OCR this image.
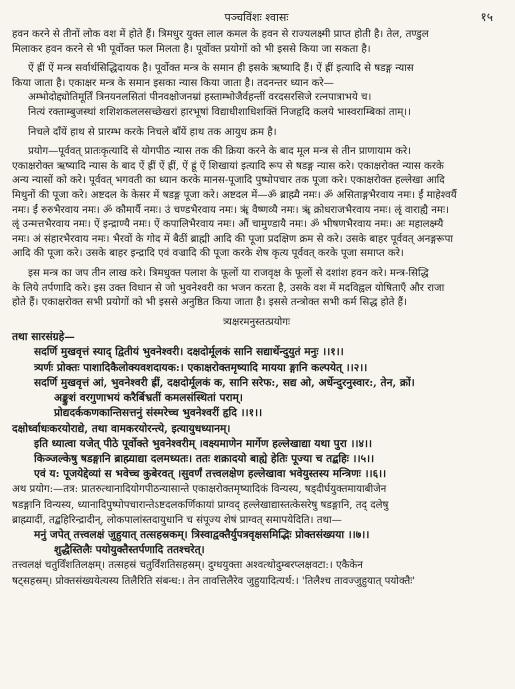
पञ्चविंशः श्वासः	१५

हवन करने से तीनों लोक वश में होते हैं। त्रिमधुर युक्त लाल कमल के हवन से राज्यलक्ष्मी प्राप्त होती है। तेल, तण्डुल

मिलाकर हवन करने से भी पूर्वोक्त फल मिलता है। पूर्वोक्त प्रयोगों को भी इससे किया जा सकता है।

ऐं ह्रीं ऐं मन्त्र सर्वार्थसिद्धिदायक है। पूर्वोक्त मन्त्र के समान ही इसके ऋष्यादि हैं। ऐं ह्रीं इत्यादि से षडङ्ग न्यास

किया जाता है। एकाक्षर मन्त्र के समान इसका न्यास किया जाता है। तदनन्तर ध्यान करे—

अम्भोदोद्द्योतिमूर्तिं त्रिनयनलसितां पीनवक्षोजनम्रां हस्ताम्भोजैर्वहन्तीं वरदसरसिजे रत्नपात्राभये च।

नित्यं रक्ताम्बुजस्थां शशिशकललसच्छेखरां हारभूषां विद्याधीशाधिशक्तिं निजहृदि कलये भास्वराम्बिकां ताम्।।

निचले दाँयें हाथ से प्रारम्भ करके निचले बाँयें हाथ तक आयुध क्रम है।

प्रयोग—पूर्ववत् प्रातःकृत्यादि से योगपीठ न्यास तक की क्रिया करने के बाद मूल मन्त्र से तीन प्राणायाम करे।

एकाक्षरोक्त ऋष्यादि न्यास के बाद ऐं ह्रीं ऐं ह्रीं, ऐं ह्रूं ऐं शिखायां इत्यादि रूप से षडङ्ग न्यास करे। एकाक्षरोक्त न्यास करके

अन्य न्यासों को करे। पूर्ववत् भगवती का ध्यान करके मानस-पूजादि पुष्पोपचार तक पूजा करे। एकाक्षरोक्त हल्लेखा आदि

मिथुनों की पूजा करे। अष्टदल के केसर में षडङ्ग पूजा करे। अष्टदल में—ॐ ब्राह्म्यै नमः। ॐ असिताङ्गभैरवाय नमः। ईं माहेश्वर्यै

नमः। ईं रुरुभैरवाय नमः। ॐ कौमार्यै नमः। उं चण्डभैरवाय नमः। ॠं वैष्णव्यै नमः। ॠं क्रोधराजभैरवाय नमः। ॡं वाराह्यै नमः।

ॡं उन्मत्तभैरवाय नमः। ऐं इन्द्राण्यै नमः। ऐं कपालिभैरवाय नमः। औं चामुण्डायै नमः। ॐ भीषणभैरवाय नमः। अः महालक्ष्म्यै

नमः। अं संहारभैरवाय नमः। भैरवों के गोद में बैठीं ब्राह्मी आदि की पूजा प्रदक्षिण क्रम से करे। उसके बाहर पूर्ववत् अनङ्गरूपा

आदि की पूजा करे। उसके बाहर इन्द्रादि एवं वज्रादि की पूजा करके शेष कृत्य पूर्ववत् करके पूजा समाप्त करे।

इस मन्त्र का जप तीन लाख करे। त्रिमधुक्त पलाश के फूलों या राजवृक्ष के फूलों से दशांश हवन करे। मन्त्र-सिद्धि

के लिये तर्पणादि करे। इस उक्त विधान से जो भुवनेश्वरी का भजन करता है, उसके वश में मदविह्वल योषिताएँ और राजा

होते हैं। एकाक्षरोक्त सभी प्रयोगों को भी इससे अनुष्ठित किया जाता है। इससे तन्त्रोक्त सभी कर्म सिद्ध होते हैं।

त्र्यक्षरमनुस्तत्प्रयोगः

तथा सारसंग्रहे—

सदर्णि मुखवृत्तं स्याद् द्वितीयं भुवनेश्वरी। दक्षदोर्मूलकं सानि सद्यार्थेन्दुयुतं मनुः ।।१।।

त्र्यर्णः प्रोक्तः पाशादिकैलोक्यवशदायक:। एकाक्षरोक्तमृष्यादि मायया ङ्गानि कल्पयेत् ।।२।।

सदर्णि मुखवृत्तं आं, भुवनेश्वरी ह्रीं, दक्षदोर्मूलकं क, सानि सरेफ:, सद्य ओ, अर्धेन्दुरनुस्वार:, तेन, क्रों।

अङ्कुशं वरगुणाभयं करैर्बिभ्रतीं कमलसंस्थितां पराम्।

प्रोद्यदर्ककणकान्तिसत्तनुं संस्मरेच्च भुवनेश्वरीं हृदि ।।१।।

दक्षोर्ध्वाधःकरयोराद्ये, तथा वामकरयोरन्त्ये, इत्यायुधध्यानम्।

इति ध्यात्वा यजेत् पीठे पूर्वोक्ते भुवनेश्वरीम् ।वक्ष्यमाणेन मार्गेण हल्लेखाद्या यथा पुरा ।।४।।

किञ्जल्केषु षडङ्गानि ब्राह्म्याद्या दलमध्यतः। ततः शक्रादयो बाह्ये हेतिः पूज्या च तद्बहिः ।।५।।

एवं य: पूजयेद्देव्यां स भवेच्च कुबेरवत् ।सुवर्णं तत्त्वलक्षेण हल्लेखावा भवेयुस्तस्य मन्त्रिणः ।।६।।

अथ प्रयोग:—तत्र: प्रातरुत्थानादियोगपीठन्यासान्ते एकाक्षरोक्तमृष्यादिकं विन्यस्य, षड्दीर्घयुक्तमायाबीजेन

षडङ्गानि विन्यस्य, ध्यानादिपुष्पोपचारान्तेऽष्टदलकर्णिकायां प्राग्वद् हल्लेखाद्यास्तत्केसरेषु षडङ्गानि, तद् दलेषु

ब्राह्म्यादीं, तद्बहिरिन्द्रादीन्, लोकपालांस्तदायुधानि च संपूज्य शेषं प्राग्वत् समापयेदिति। तथा—

मनुं जपेत् तत्त्वलक्षं जुहुयात् तत्सहस्रकम्। त्रिस्वाद्वक्तैर्युपत्रवृक्षसमिद्भिः प्रोक्तसंख्यया ।।७।।

शुद्धैस्तिलैः पयोयुक्तैस्तर्पणादि ततश्चरेत्।

तत्त्वलक्षं चतुर्विंशतिलक्षम्। तत्सहस्रं चतुर्विंशतिसहस्रम्। दुग्धयुक्ता अश्वत्थोदुम्बरप्लक्षवटा:। एकैकेन

षट्सहस्रम्। प्रोक्तसंख्ययेत्यस्य तिलैरिति संबन्ध:। तेन तावत्तिलैरेव जुहुयादित्यर्थ:। 'तिलैश्च तावज्जुहुयात् पयोक्तैः'
